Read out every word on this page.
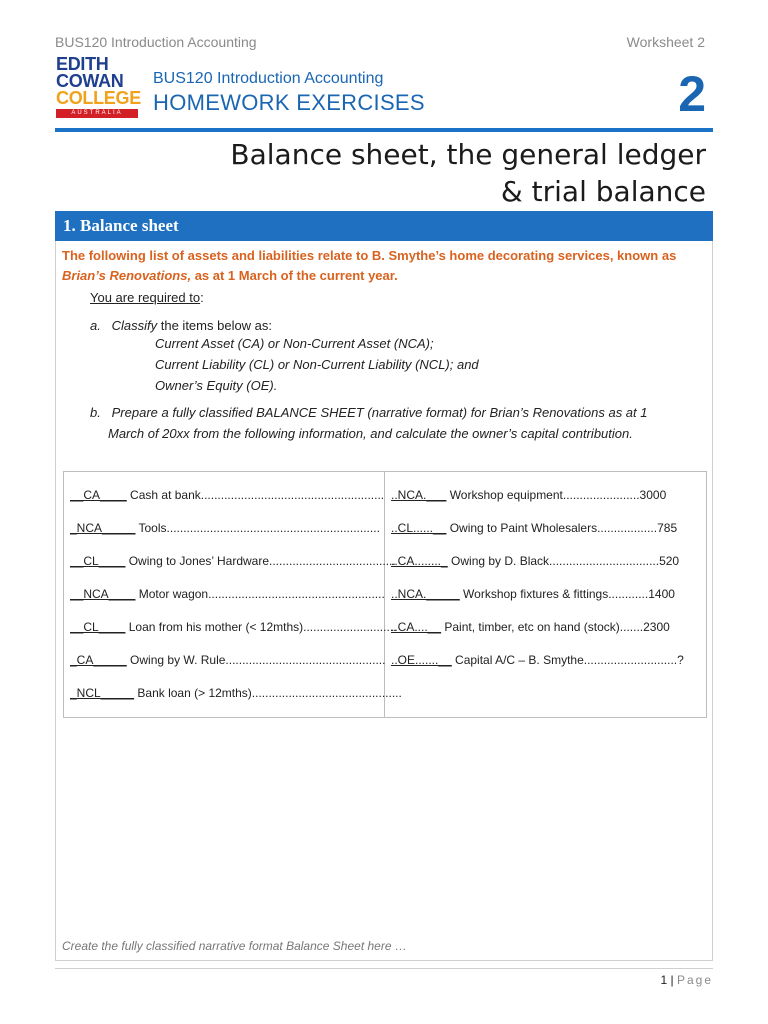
BUS120 Introduction Accounting	Worksheet 2
EDITH
COWAN
COLLEGE
AUSTRALIA
BUS120 Introduction Accounting
HOMEWORK EXERCISES	2
Balance sheet, the general ledger
& trial balance
1. Balance sheet
The following list of assets and liabilities relate to B. Smythe’s home decorating services, known as
Brian’s Renovations, as at 1 March of the current year.
You are required to:
a. Classify the items below as:
Current Asset (CA) or Non-Current Asset (NCA);
Current Liability (CL) or Non-Current Liability (NCL); and
Owner’s Equity (OE).
b. Prepare a fully classified BALANCE SHEET (narrative format) for Brian’s Renovations as at 1
March of 20xx from the following information, and calculate the owner’s capital contribution.
__CA____ Cash at bank.......................................................
_NCA_____ Tools................................................................
__CL____ Owing to Jones’ Hardware......................................
__NCA____ Motor wagon.....................................................
__CL____ Loan from his mother (< 12mths)............................
_CA_____ Owing by W. Rule................................................
_NCL_____ Bank loan (> 12mths).............................................
..NCA.___ Workshop equipment.......................3000
..CL......__ Owing to Paint Wholesalers..................785
..CA........_ Owing by D. Black.................................520
..NCA._____ Workshop fixtures & fittings............1400
..CA....__ Paint, timber, etc on hand (stock).......2300
..OE.......__ Capital A/C – B. Smythe............................?
Create the fully classified narrative format Balance Sheet here …
1 | Page
